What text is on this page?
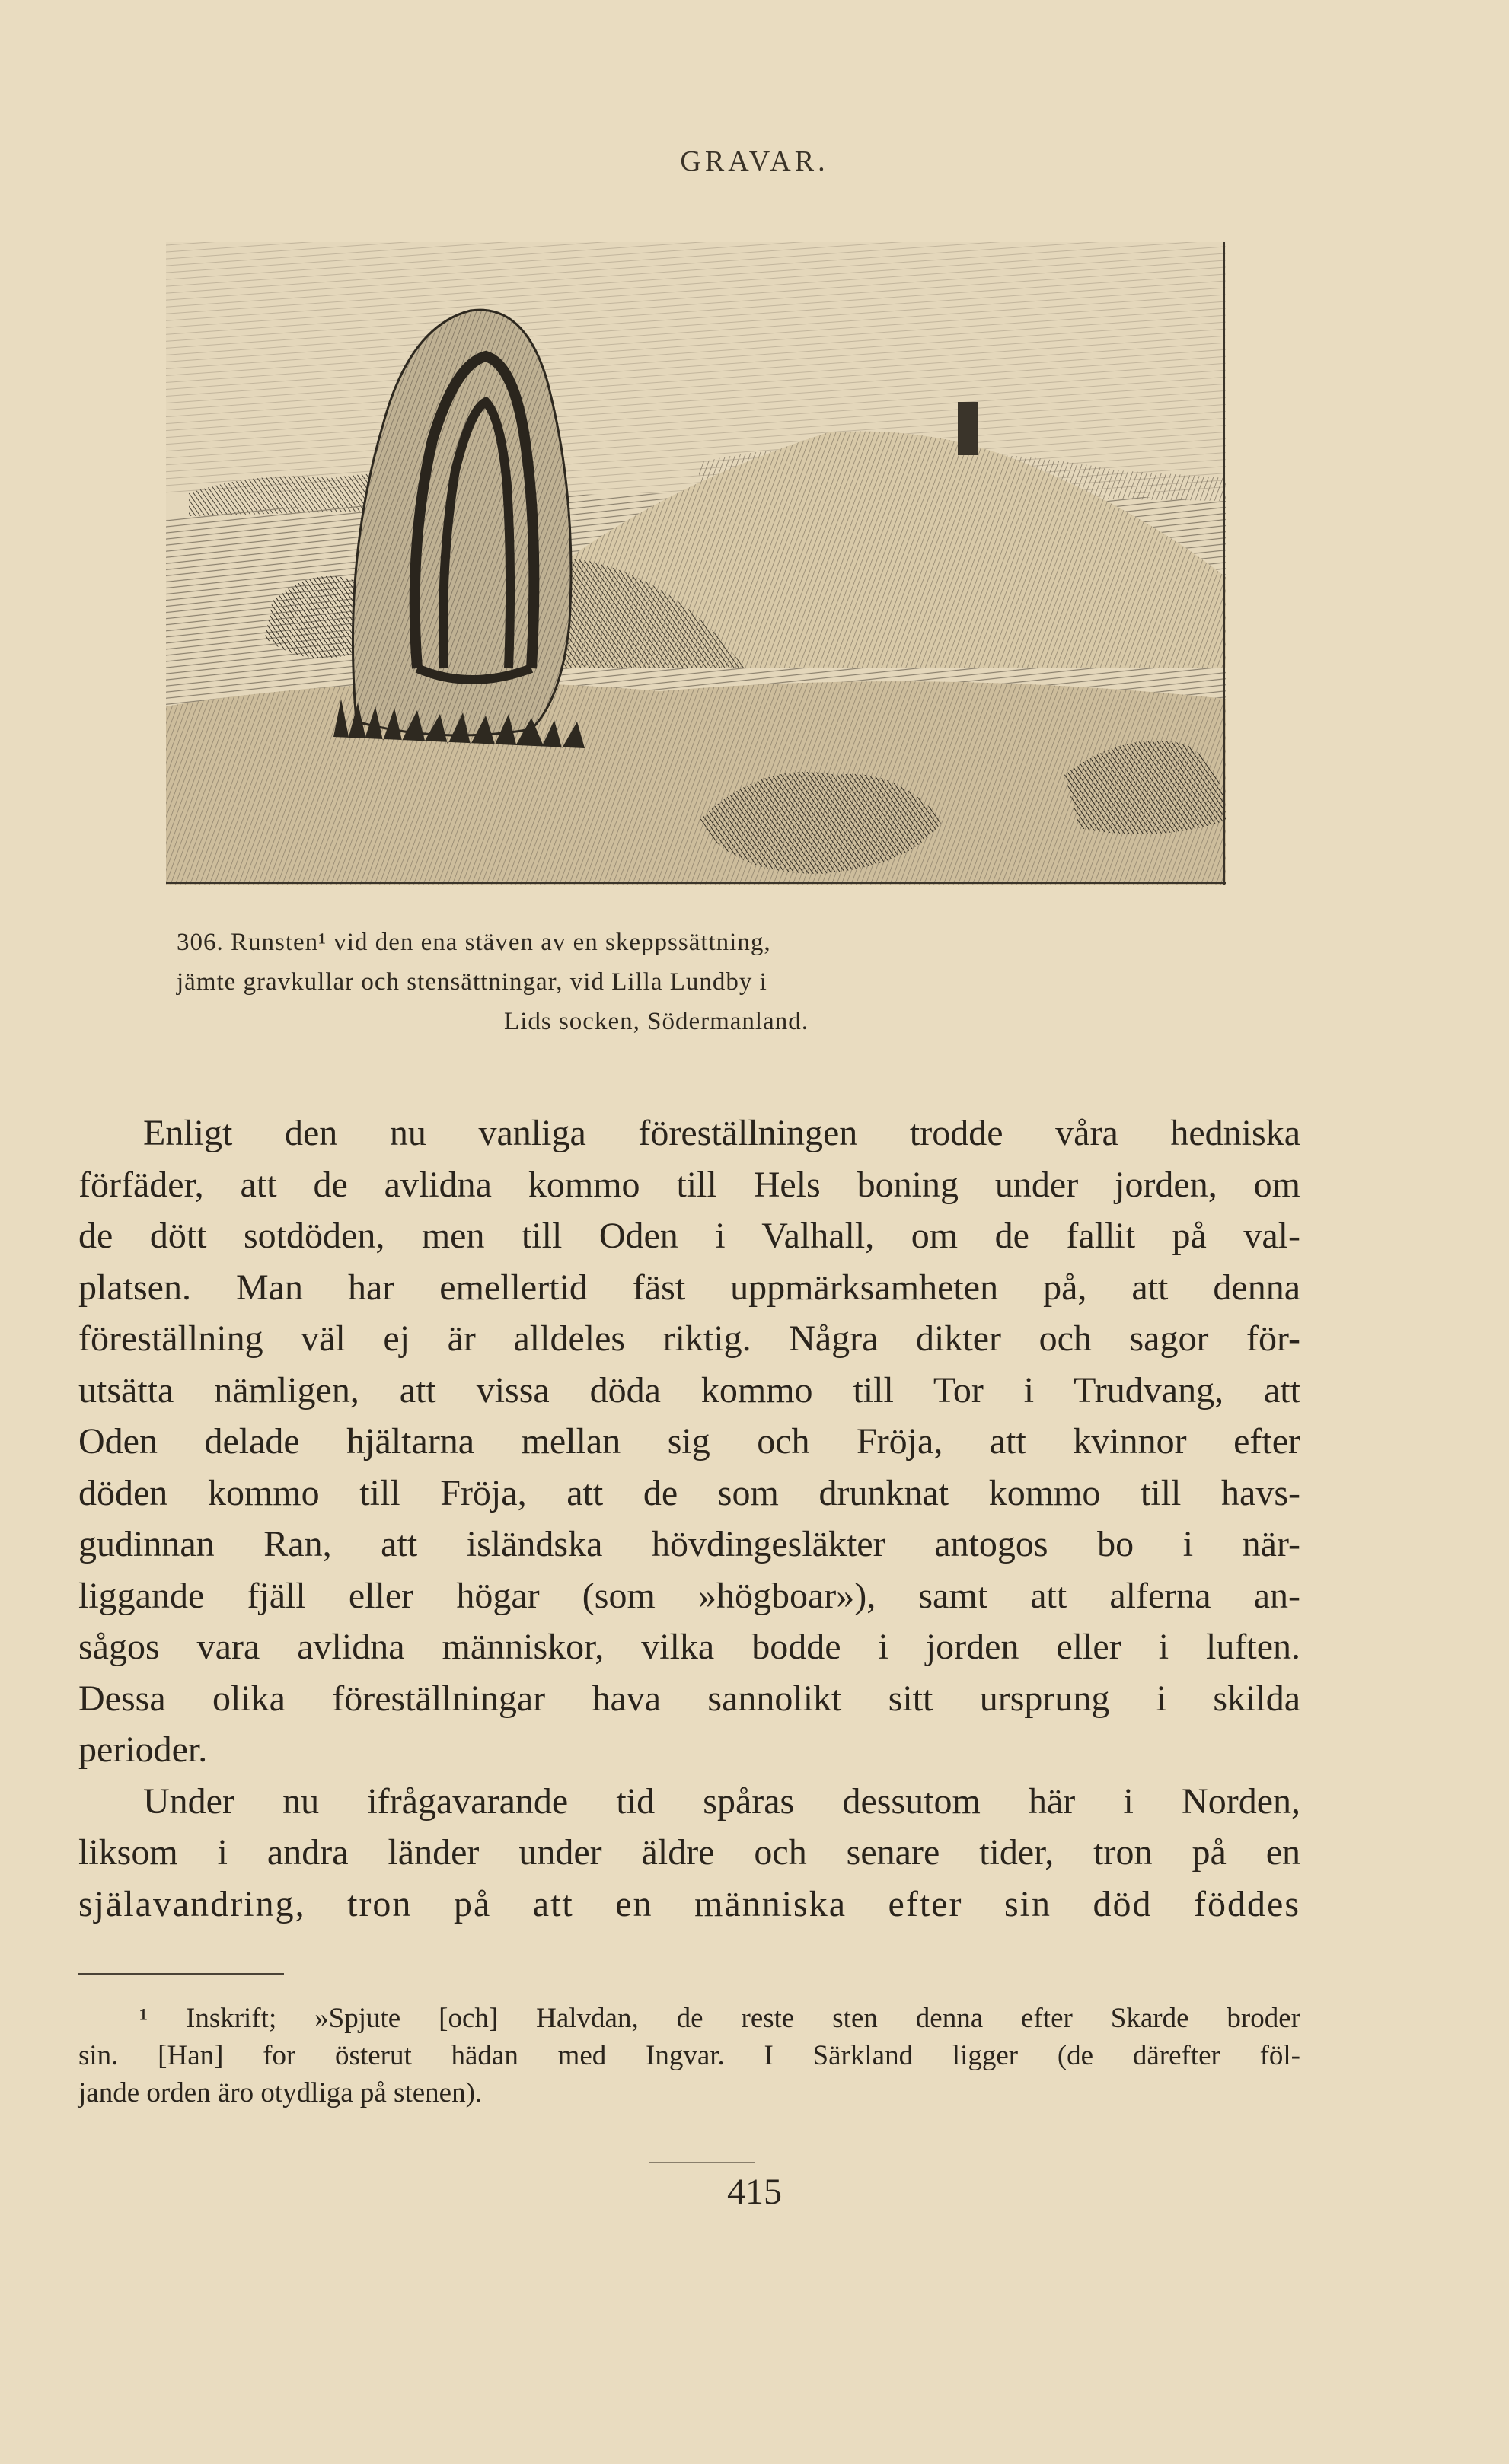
GRAVAR.
306. Runsten¹ vid den ena stäven av en skeppssättning,
jämte gravkullar och stensättningar, vid Lilla Lundby i
Lids socken, Södermanland.
Enligt den nu vanliga föreställningen trodde våra hedniska
förfäder, att de avlidna kommo till Hels boning under jorden, om
de dött sotdöden, men till Oden i Valhall, om de fallit på val-
platsen. Man har emellertid fäst uppmärksamheten på, att denna
föreställning väl ej är alldeles riktig. Några dikter och sagor för-
utsätta nämligen, att vissa döda kommo till Tor i Trudvang, att
Oden delade hjältarna mellan sig och Fröja, att kvinnor efter
döden kommo till Fröja, att de som drunknat kommo till havs-
gudinnan Ran, att isländska hövdingesläkter antogos bo i när-
liggande fjäll eller högar (som »högboar»), samt att alferna an-
sågos vara avlidna människor, vilka bodde i jorden eller i luften.
Dessa olika föreställningar hava sannolikt sitt ursprung i skilda
perioder.
Under nu ifrågavarande tid spåras dessutom här i Norden,
liksom i andra länder under äldre och senare tider, tron på en
själavandring, tron på att en människa efter sin död föddes
¹ Inskrift; »Spjute [och] Halvdan, de reste sten denna efter Skarde broder
sin. [Han] for österut hädan med Ingvar. I Särkland ligger (de därefter föl-
jande orden äro otydliga på stenen).
415
